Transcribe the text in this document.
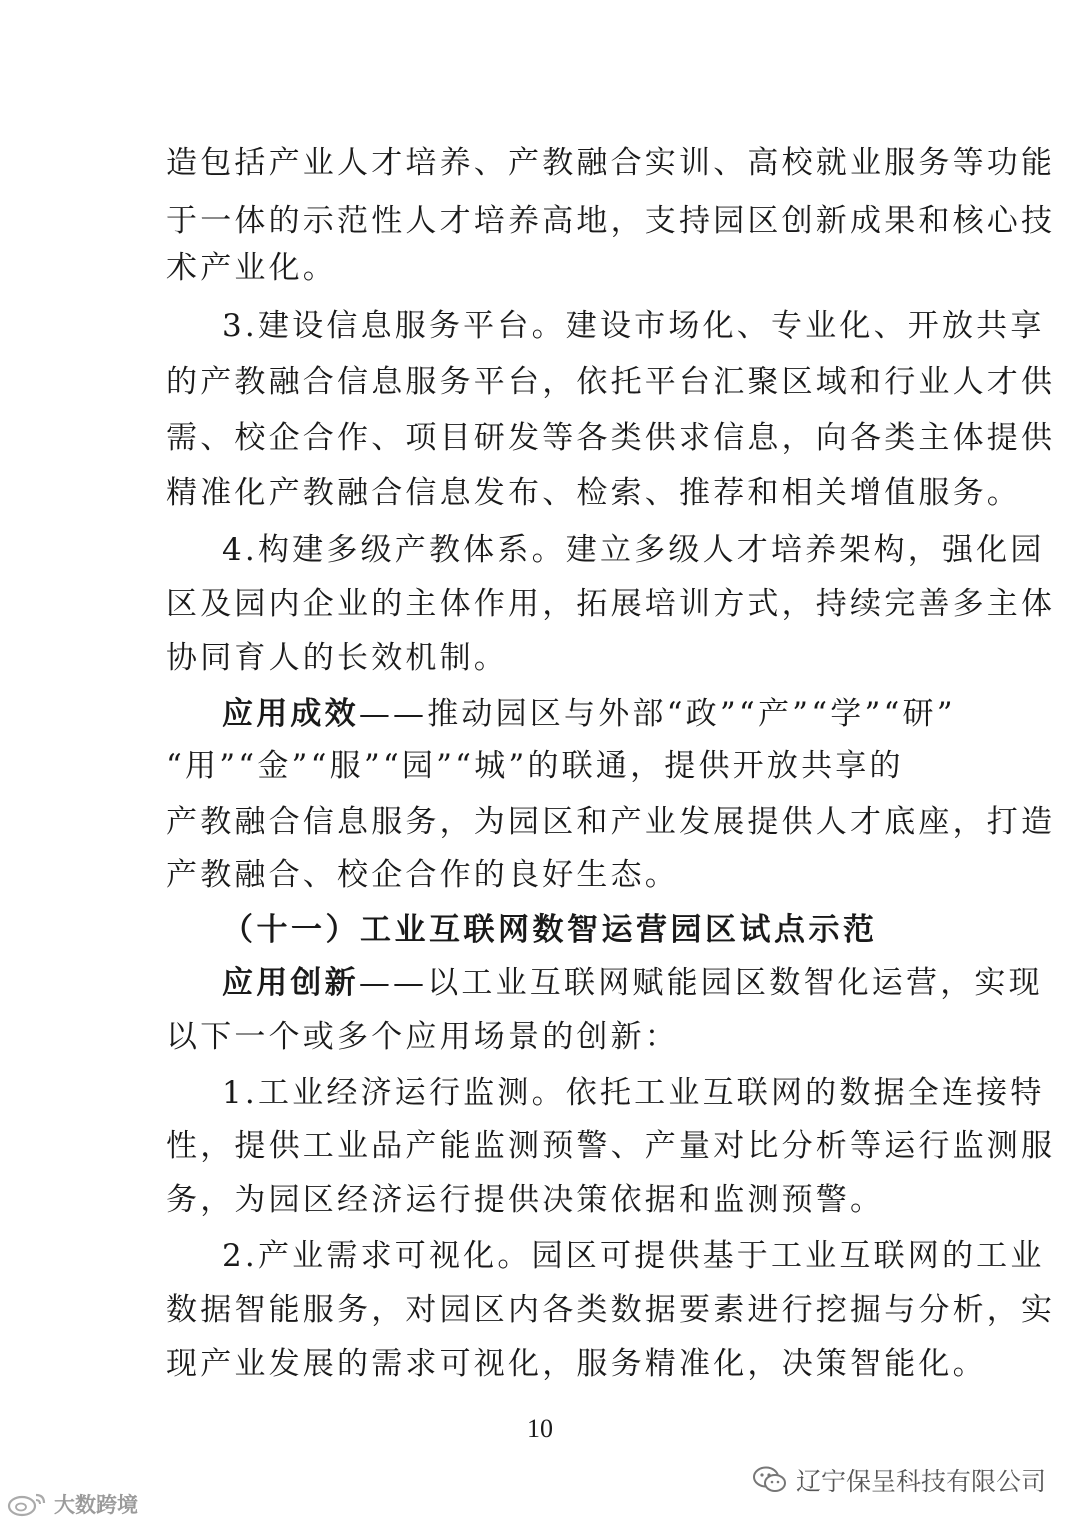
造包括产业人才培养、产教融合实训、高校就业服务等功能
于一体的示范性人才培养高地，支持园区创新成果和核心技
术产业化。
3.建设信息服务平台。建设市场化、专业化、开放共享
的产教融合信息服务平台，依托平台汇聚区域和行业人才供
需、校企合作、项目研发等各类供求信息，向各类主体提供
精准化产教融合信息发布、检索、推荐和相关增值服务。
4.构建多级产教体系。建立多级人才培养架构，强化园
区及园内企业的主体作用，拓展培训方式，持续完善多主体
协同育人的长效机制。
应用成效——推动园区与外部“政”“产”“学”“研”
“用”“金”“服”“园”“城”的联通，提供开放共享的
产教融合信息服务，为园区和产业发展提供人才底座，打造
产教融合、校企合作的良好生态。
（十一）工业互联网数智运营园区试点示范
应用创新——以工业互联网赋能园区数智化运营，实现
以下一个或多个应用场景的创新：
1.工业经济运行监测。依托工业互联网的数据全连接特
性，提供工业品产能监测预警、产量对比分析等运行监测服
务，为园区经济运行提供决策依据和监测预警。
2.产业需求可视化。园区可提供基于工业互联网的工业
数据智能服务，对园区内各类数据要素进行挖掘与分析，实
现产业发展的需求可视化，服务精准化，决策智能化。
10
辽宁保呈科技有限公司
大数跨境
